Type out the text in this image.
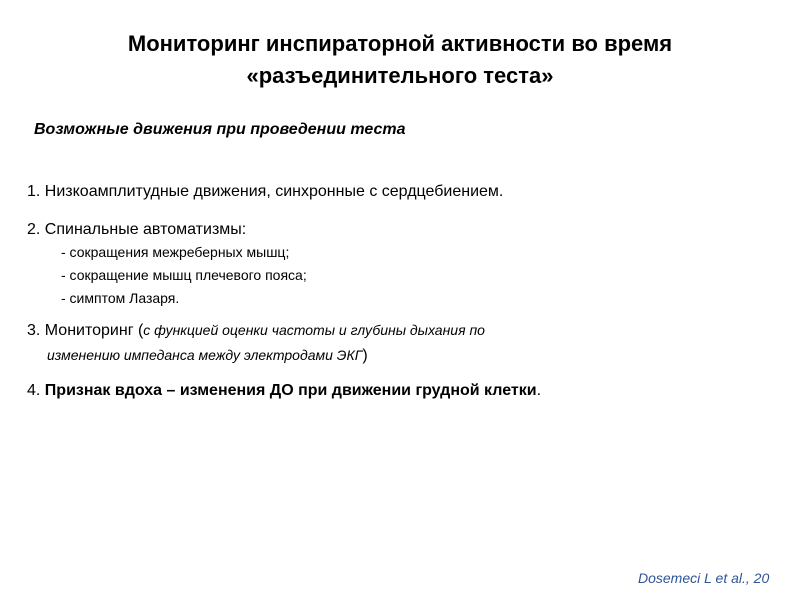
Мониторинг инспираторной активности во время
«разъединительного теста»
Возможные движения при проведении теста
1. Низкоамплитудные движения, синхронные с сердцебиением.
2. Спинальные автоматизмы:
- сокращения межреберных мышц;
- сокращение мышц плечевого пояса;
- симптом Лазаря.
3. Мониторинг (с функцией оценки частоты и глубины дыхания по
изменению импеданса между электродами ЭКГ)
4. Признак вдоха – изменения ДО при движении грудной клетки.
Dosemeci L et al., 20
